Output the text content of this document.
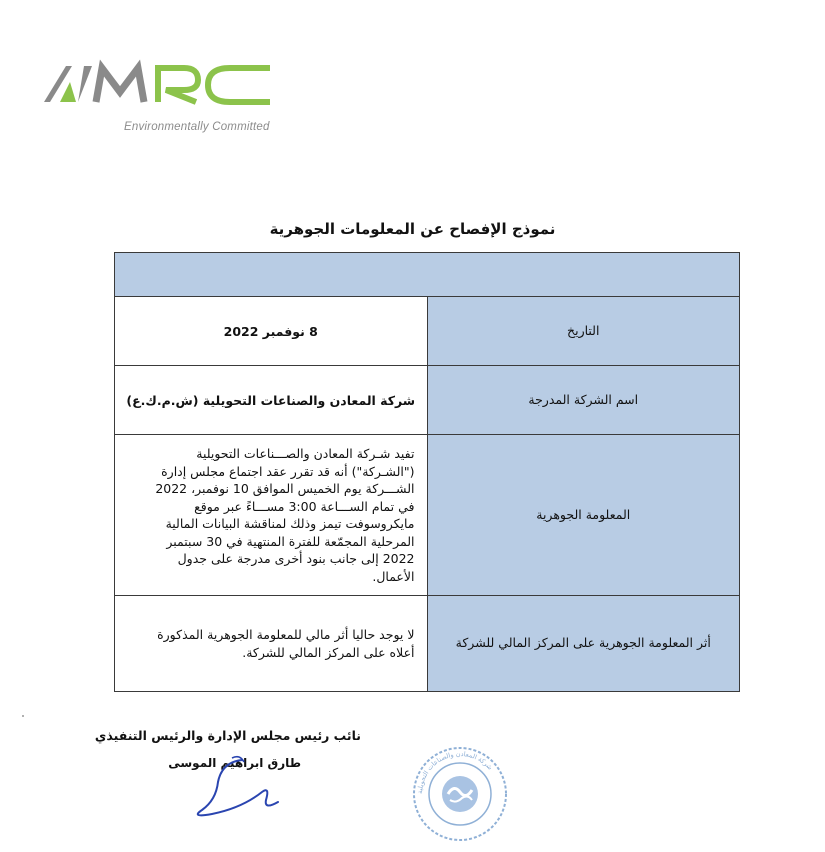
Environmentally Committed
نموذج الإفصاح عن المعلومات الجوهرية

التاريخ	8 نوفمبر 2022
اسم الشركة المدرجة	شركة المعادن والصناعات التحويلية (ش.م.ك.ع)
المعلومة الجوهرية	تفيد شـركة المعادن والصـــناعات التحويلية ("الشـركة") أنه قد تقرر عقد اجتماع مجلس إدارة الشـــركة يوم الخميس الموافق 10 نوفمبر، 2022 في تمام الســـاعة 3:00 مســـاءً عبر موقع مايكروسوفت تيمز وذلك لمناقشة البيانات المالية المرحلية المجمّعة للفترة المنتهية في 30 سبتمبر 2022 إلى جانب بنود أخرى مدرجة على جدول الأعمال.
أثر المعلومة الجوهرية على المركز المالي للشركة	لا يوجد حاليا أثر مالي للمعلومة الجوهرية المذكورة أعلاه على المركز المالي للشركة.
نائب رئيس مجلس الإدارة والرئيس التنفيذي
طارق ابراهيم الموسى
شركة المعادن والصناعات التحويلية
